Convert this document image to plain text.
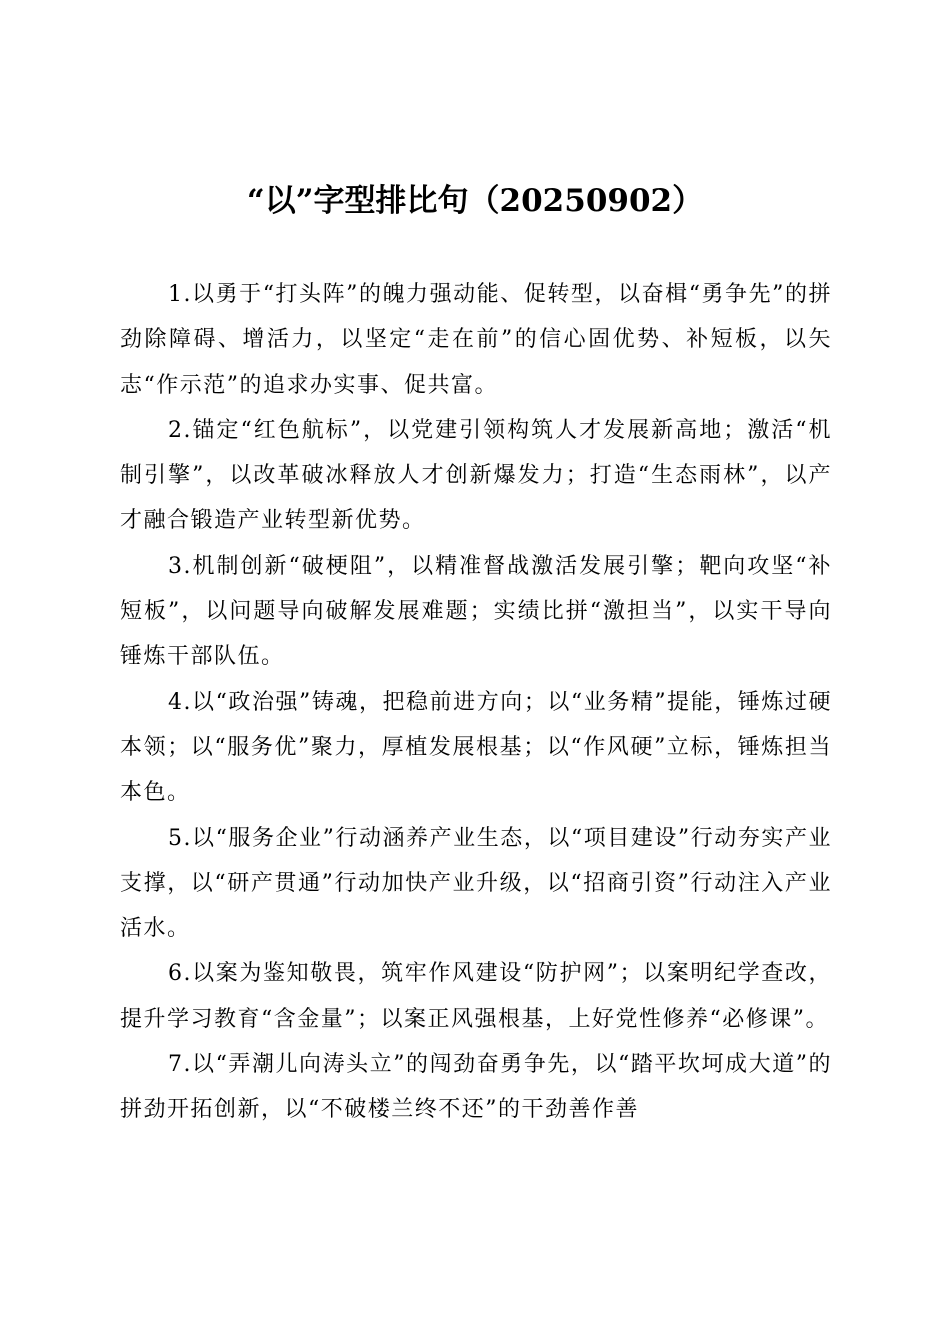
“以”字型排比句（20250902）

1.以勇于“打头阵”的魄力强动能、促转型，以奋楫“勇争先”的拼劲除障碍、增活力，以坚定“走在前”的信心固优势、补短板，以矢志“作示范”的追求办实事、促共富。

2.锚定“红色航标”，以党建引领构筑人才发展新高地；激活“机制引擎”，以改革破冰释放人才创新爆发力；打造“生态雨林”，以产才融合锻造产业转型新优势。

3.机制创新“破梗阻”，以精准督战激活发展引擎；靶向攻坚“补短板”，以问题导向破解发展难题；实绩比拼“激担当”，以实干导向锤炼干部队伍。

4.以“政治强”铸魂，把稳前进方向；以“业务精”提能，锤炼过硬本领；以“服务优”聚力，厚植发展根基；以“作风硬”立标，锤炼担当本色。

5.以“服务企业”行动涵养产业生态，以“项目建设”行动夯实产业支撑，以“研产贯通”行动加快产业升级，以“招商引资”行动注入产业活水。

6.以案为鉴知敬畏，筑牢作风建设“防护网”；以案明纪学查改，提升学习教育“含金量”；以案正风强根基，上好党性修养“必修课”。

7.以“弄潮儿向涛头立”的闯劲奋勇争先，以“踏平坎坷成大道”的拼劲开拓创新，以“不破楼兰终不还”的干劲善作善
